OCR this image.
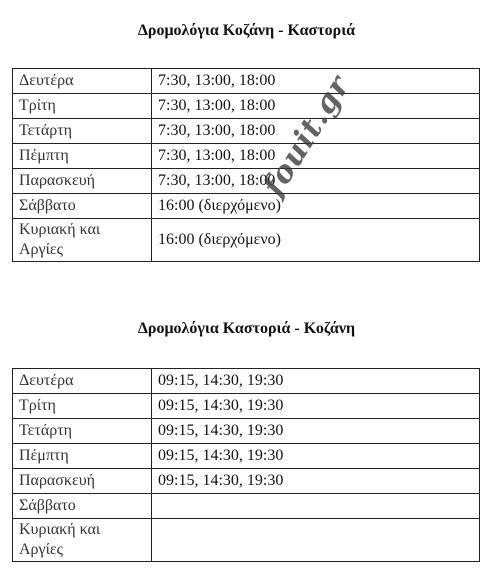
Δρομολόγια Κοζάνη - Καστοριά
Δευτέρα	7:30, 13:00, 18:00
Τρίτη	7:30, 13:00, 18:00
Τετάρτη	7:30, 13:00, 18:00
Πέμπτη	7:30, 13:00, 18:00
Παρασκευή	7:30, 13:00, 18:00
Σάββατο	16:00 (διερχόμενο)
Κυριακή και Αργίες	16:00 (διερχόμενο)
Δρομολόγια Καστοριά - Κοζάνη
Δευτέρα	09:15, 14:30, 19:30
Τρίτη	09:15, 14:30, 19:30
Τετάρτη	09:15, 14:30, 19:30
Πέμπτη	09:15, 14:30, 19:30
Παρασκευή	09:15, 14:30, 19:30
Σάββατο	
Κυριακή και Αργίες	
fouit.gr
